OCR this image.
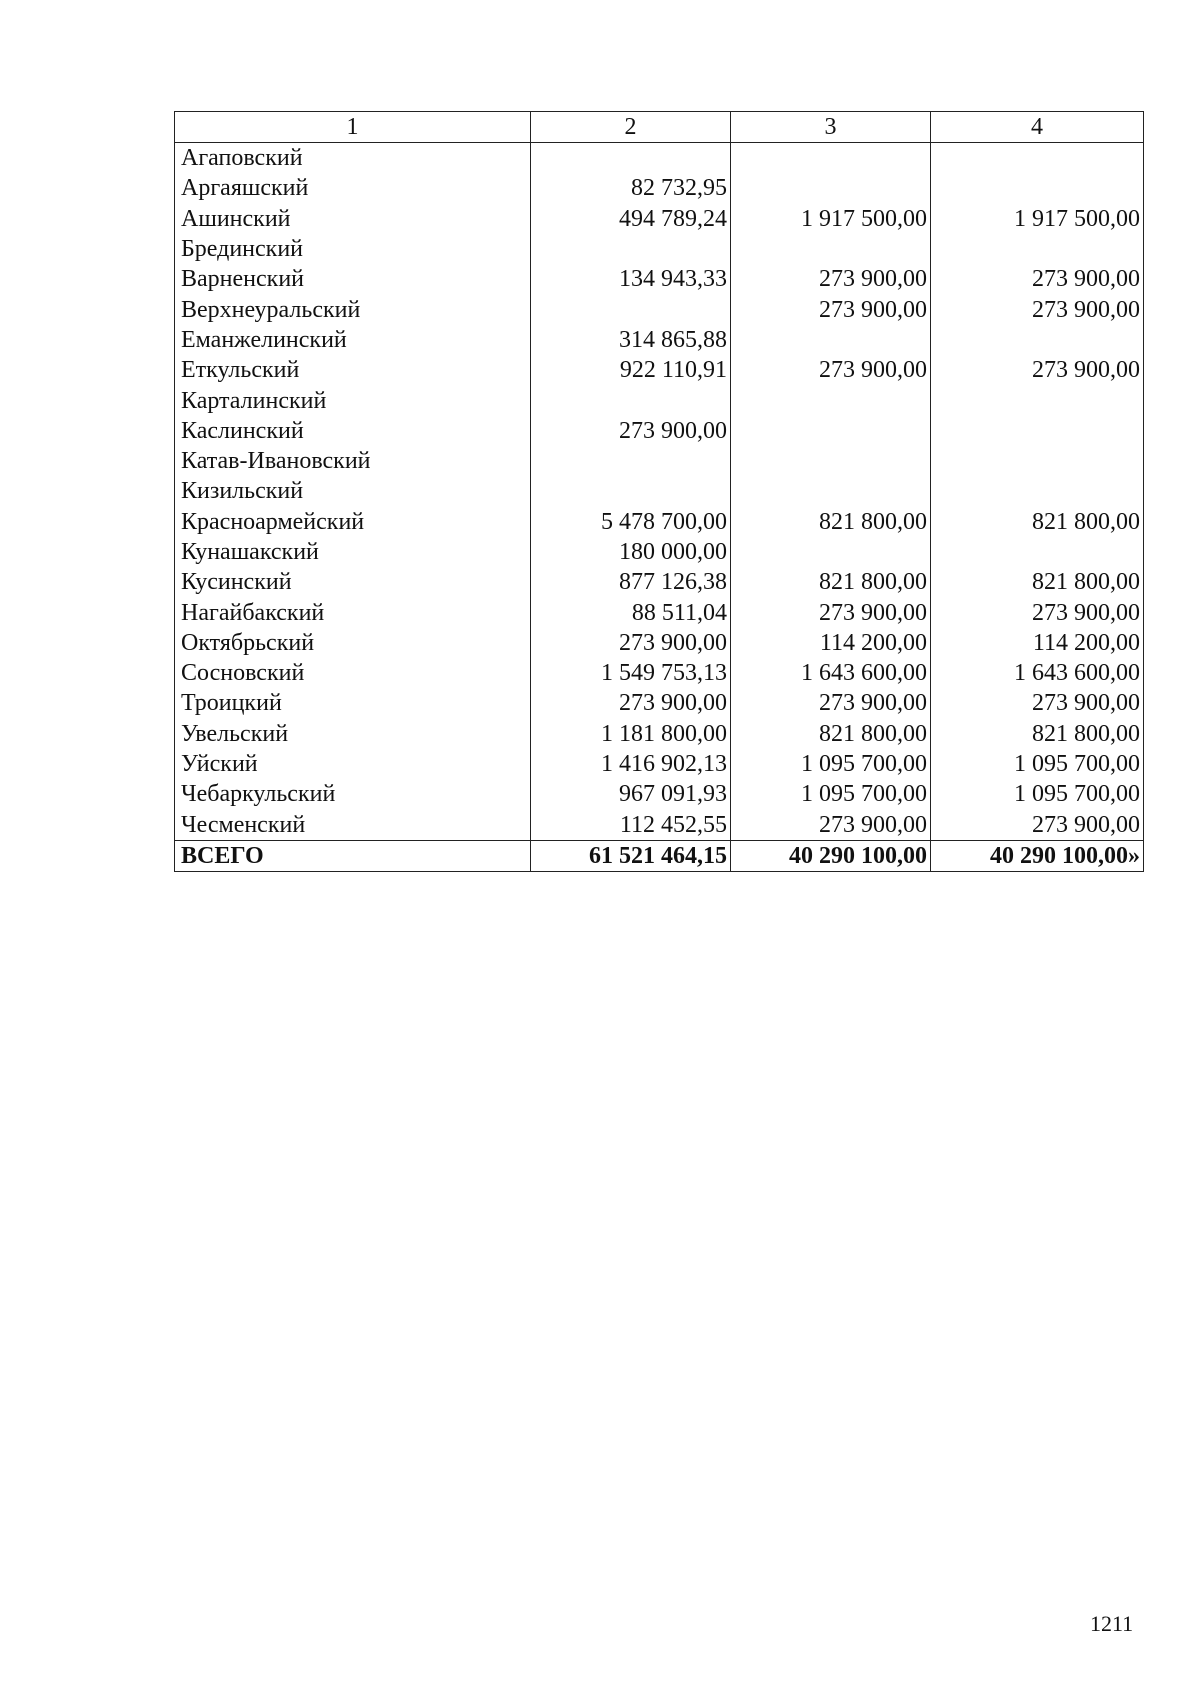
1	2	3	4
Агаповский			
Аргаяшский	82 732,95		
Ашинский	494 789,24	1 917 500,00	1 917 500,00
Брединский			
Варненский	134 943,33	273 900,00	273 900,00
Верхнеуральский		273 900,00	273 900,00
Еманжелинский	314 865,88		
Еткульский	922 110,91	273 900,00	273 900,00
Карталинский			
Каслинский	273 900,00		
Катав-Ивановский			
Кизильский			
Красноармейский	5 478 700,00	821 800,00	821 800,00
Кунашакский	180 000,00		
Кусинский	877 126,38	821 800,00	821 800,00
Нагайбакский	88 511,04	273 900,00	273 900,00
Октябрьский	273 900,00	114 200,00	114 200,00
Сосновский	1 549 753,13	1 643 600,00	1 643 600,00
Троицкий	273 900,00	273 900,00	273 900,00
Увельский	1 181 800,00	821 800,00	821 800,00
Уйский	1 416 902,13	1 095 700,00	1 095 700,00
Чебаркульский	967 091,93	1 095 700,00	1 095 700,00
Чесменский	112 452,55	273 900,00	273 900,00
ВСЕГО	61 521 464,15	40 290 100,00	40 290 100,00»
1211
